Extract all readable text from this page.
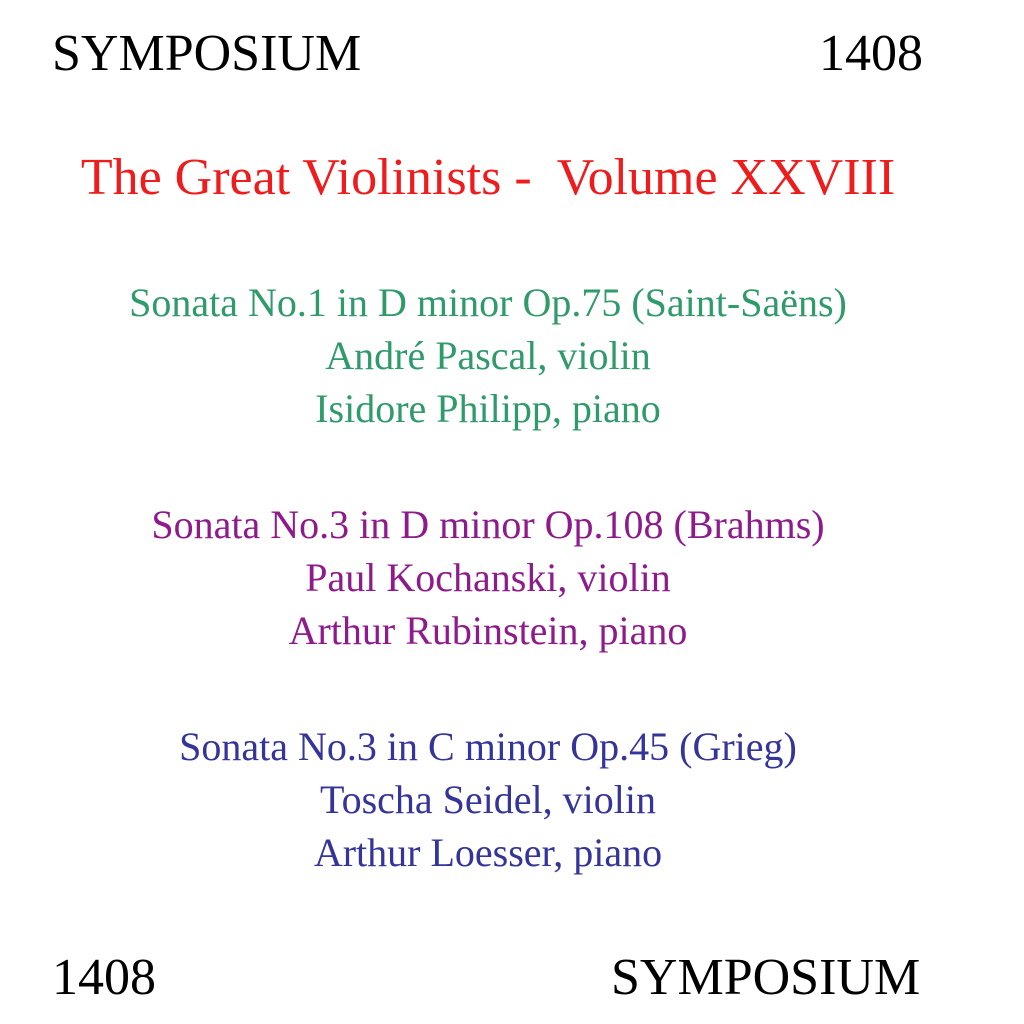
SYMPOSIUM	1408
The Great Violinists -  Volume XXVIII
Sonata No.1 in D minor Op.75 (Saint-Saëns)
André Pascal, violin
Isidore Philipp, piano
Sonata No.3 in D minor Op.108 (Brahms)
Paul Kochanski, violin
Arthur Rubinstein, piano
Sonata No.3 in C minor Op.45 (Grieg)
Toscha Seidel, violin
Arthur Loesser, piano
1408	SYMPOSIUM
